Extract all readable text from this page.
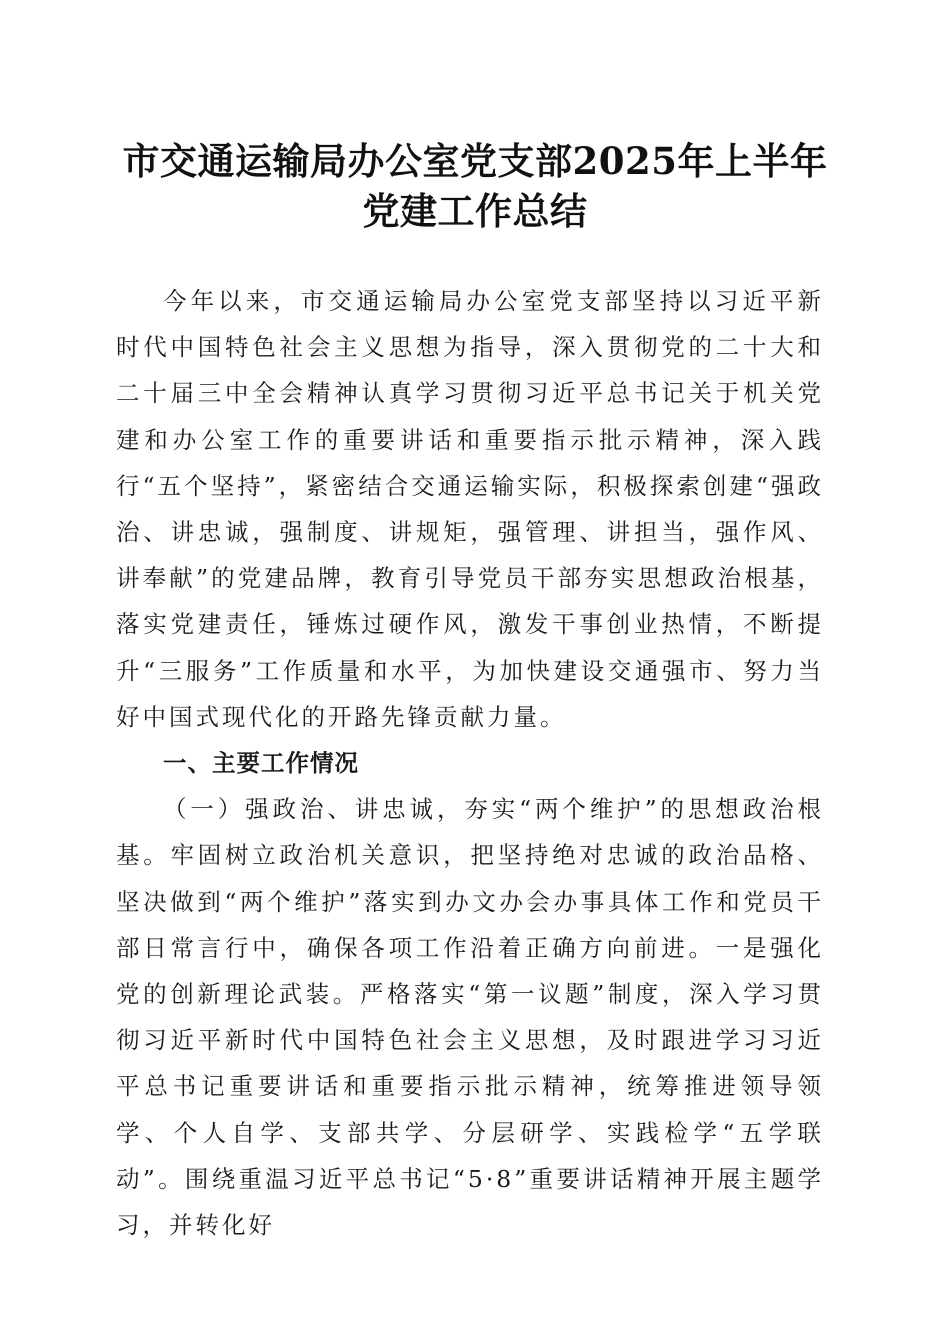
市交通运输局办公室党支部2025年上半年党建工作总结

今年以来，市交通运输局办公室党支部坚持以习近平新时代中国特色社会主义思想为指导，深入贯彻党的二十大和二十届三中全会精神认真学习贯彻习近平总书记关于机关党建和办公室工作的重要讲话和重要指示批示精神，深入践行“五个坚持”，紧密结合交通运输实际，积极探索创建“强政治、讲忠诚，强制度、讲规矩，强管理、讲担当，强作风、讲奉献”的党建品牌，教育引导党员干部夯实思想政治根基，落实党建责任，锤炼过硬作风，激发干事创业热情，不断提升“三服务”工作质量和水平，为加快建设交通强市、努力当好中国式现代化的开路先锋贡献力量。

一、主要工作情况

（一）强政治、讲忠诚，夯实“两个维护”的思想政治根基。牢固树立政治机关意识，把坚持绝对忠诚的政治品格、坚决做到“两个维护”落实到办文办会办事具体工作和党员干部日常言行中，确保各项工作沿着正确方向前进。一是强化党的创新理论武装。严格落实“第一议题”制度，深入学习贯彻习近平新时代中国特色社会主义思想，及时跟进学习习近平总书记重要讲话和重要指示批示精神，统筹推进领导领学、个人自学、支部共学、分层研学、实践检学“五学联动”。围绕重温习近平总书记“5·8”重要讲话精神开展主题学习，并转化好
